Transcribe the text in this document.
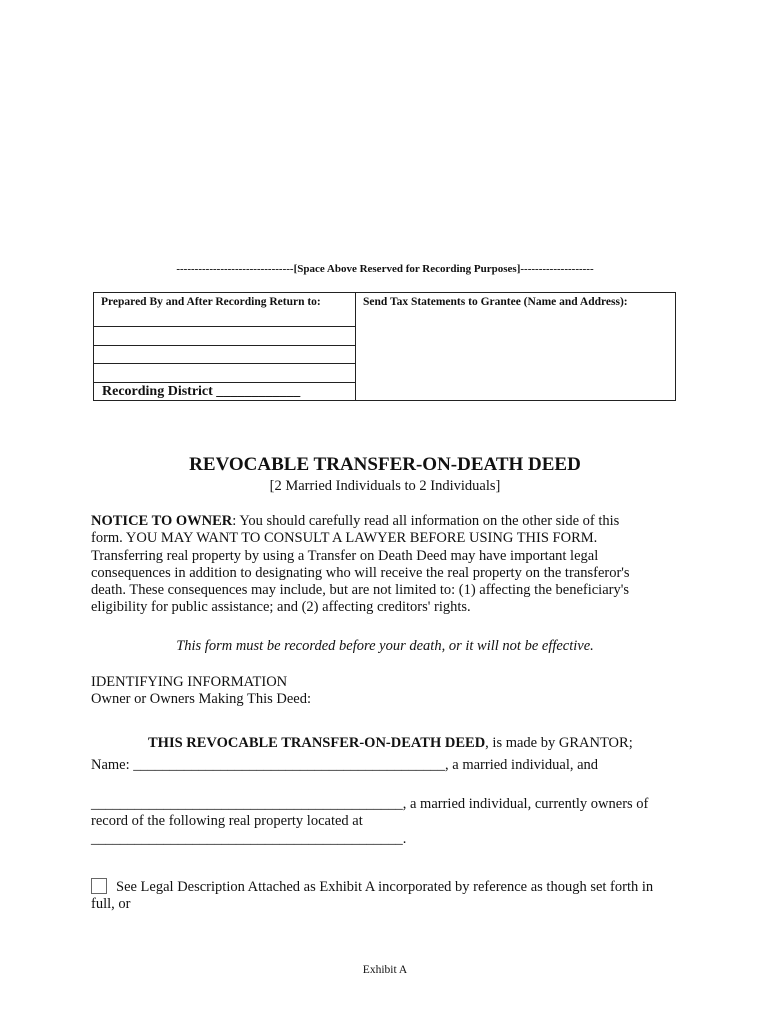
--------------------------------[Space Above Reserved for Recording Purposes]--------------------
Prepared By and After Recording Return to:
Recording District ____________
Send Tax Statements to Grantee (Name and Address):
REVOCABLE TRANSFER-ON-DEATH DEED
[2 Married Individuals to 2 Individuals]
NOTICE TO OWNER: You should carefully read all information on the other side of this
form. YOU MAY WANT TO CONSULT A LAWYER BEFORE USING THIS FORM.
Transferring real property by using a Transfer on Death Deed may have important legal
consequences in addition to designating who will receive the real property on the transferor's
death. These consequences may include, but are not limited to: (1) affecting the beneficiary's
eligibility for public assistance; and (2) affecting creditors' rights.
This form must be recorded before your death, or it will not be effective.
IDENTIFYING INFORMATION
Owner or Owners Making This Deed:
THIS REVOCABLE TRANSFER-ON-DEATH DEED, is made by GRANTOR;
Name: ___________________________________________, a married individual, and
___________________________________________, a married individual, currently owners of
record of the following real property located at
___________________________________________.
See Legal Description Attached as Exhibit A incorporated by reference as though set forth in
full, or
Exhibit A
